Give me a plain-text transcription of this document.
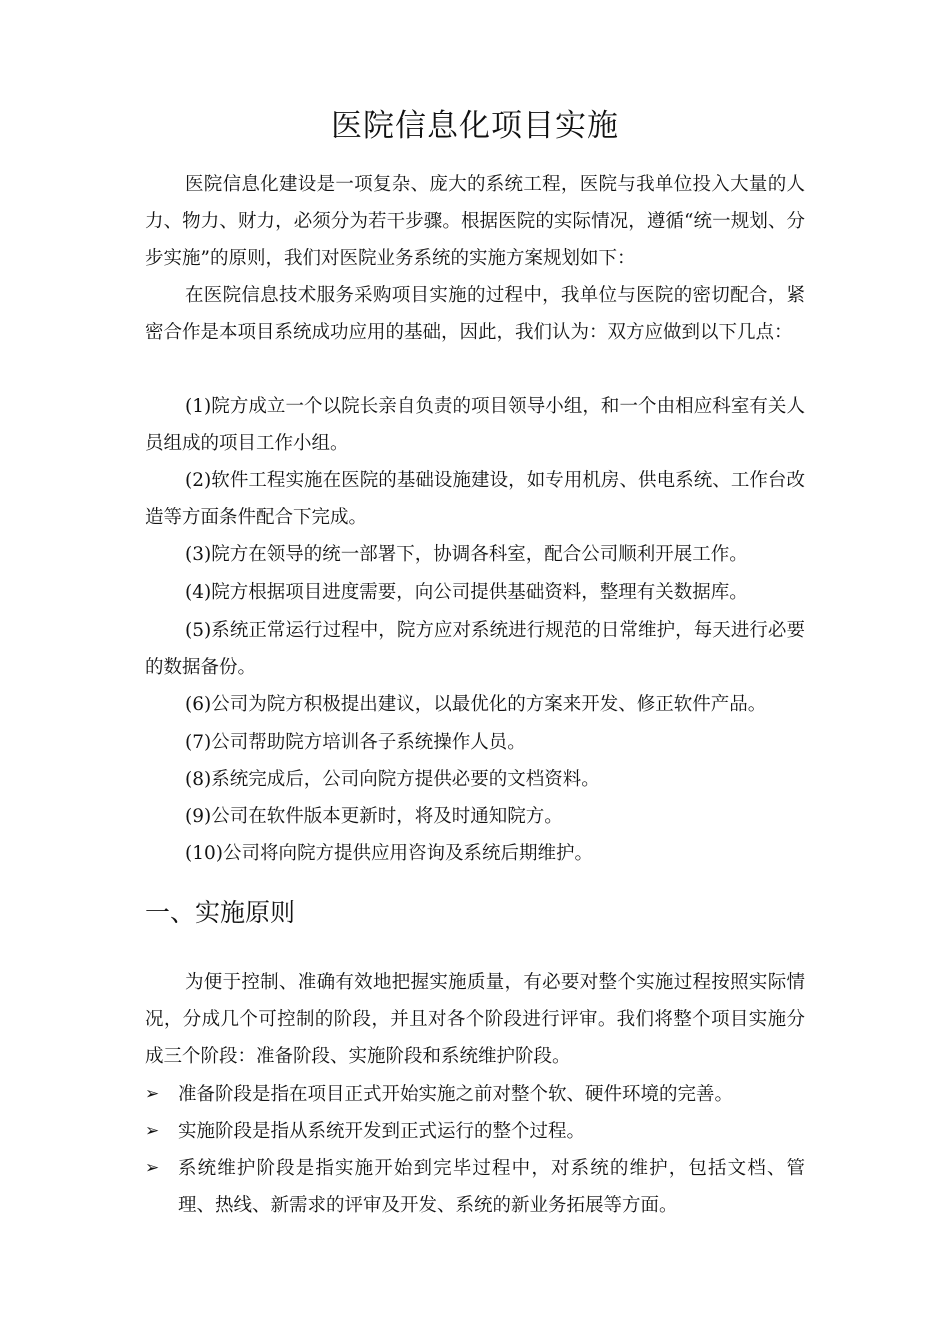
医院信息化项目实施

医院信息化建设是一项复杂、庞大的系统工程，医院与我单位投入大量的人力、物力、财力，必须分为若干步骤。根据医院的实际情况，遵循“统一规划、分步实施”的原则，我们对医院业务系统的实施方案规划如下：

在医院信息技术服务采购项目实施的过程中，我单位与医院的密切配合，紧密合作是本项目系统成功应用的基础，因此，我们认为：双方应做到以下几点：

(1)院方成立一个以院长亲自负责的项目领导小组，和一个由相应科室有关人员组成的项目工作小组。

(2)软件工程实施在医院的基础设施建设，如专用机房、供电系统、工作台改造等方面条件配合下完成。

(3)院方在领导的统一部署下，协调各科室，配合公司顺利开展工作。

(4)院方根据项目进度需要，向公司提供基础资料，整理有关数据库。

(5)系统正常运行过程中，院方应对系统进行规范的日常维护，每天进行必要的数据备份。

(6)公司为院方积极提出建议，以最优化的方案来开发、修正软件产品。

(7)公司帮助院方培训各子系统操作人员。

(8)系统完成后，公司向院方提供必要的文档资料。

(9)公司在软件版本更新时，将及时通知院方。

(10)公司将向院方提供应用咨询及系统后期维护。

一、实施原则

为便于控制、准确有效地把握实施质量，有必要对整个实施过程按照实际情况，分成几个可控制的阶段，并且对各个阶段进行评审。我们将整个项目实施分成三个阶段：准备阶段、实施阶段和系统维护阶段。

➢	准备阶段是指在项目正式开始实施之前对整个软、硬件环境的完善。
➢	实施阶段是指从系统开发到正式运行的整个过程。
➢	系统维护阶段是指实施开始到完毕过程中，对系统的维护，包括文档、管理、热线、新需求的评审及开发、系统的新业务拓展等方面。
